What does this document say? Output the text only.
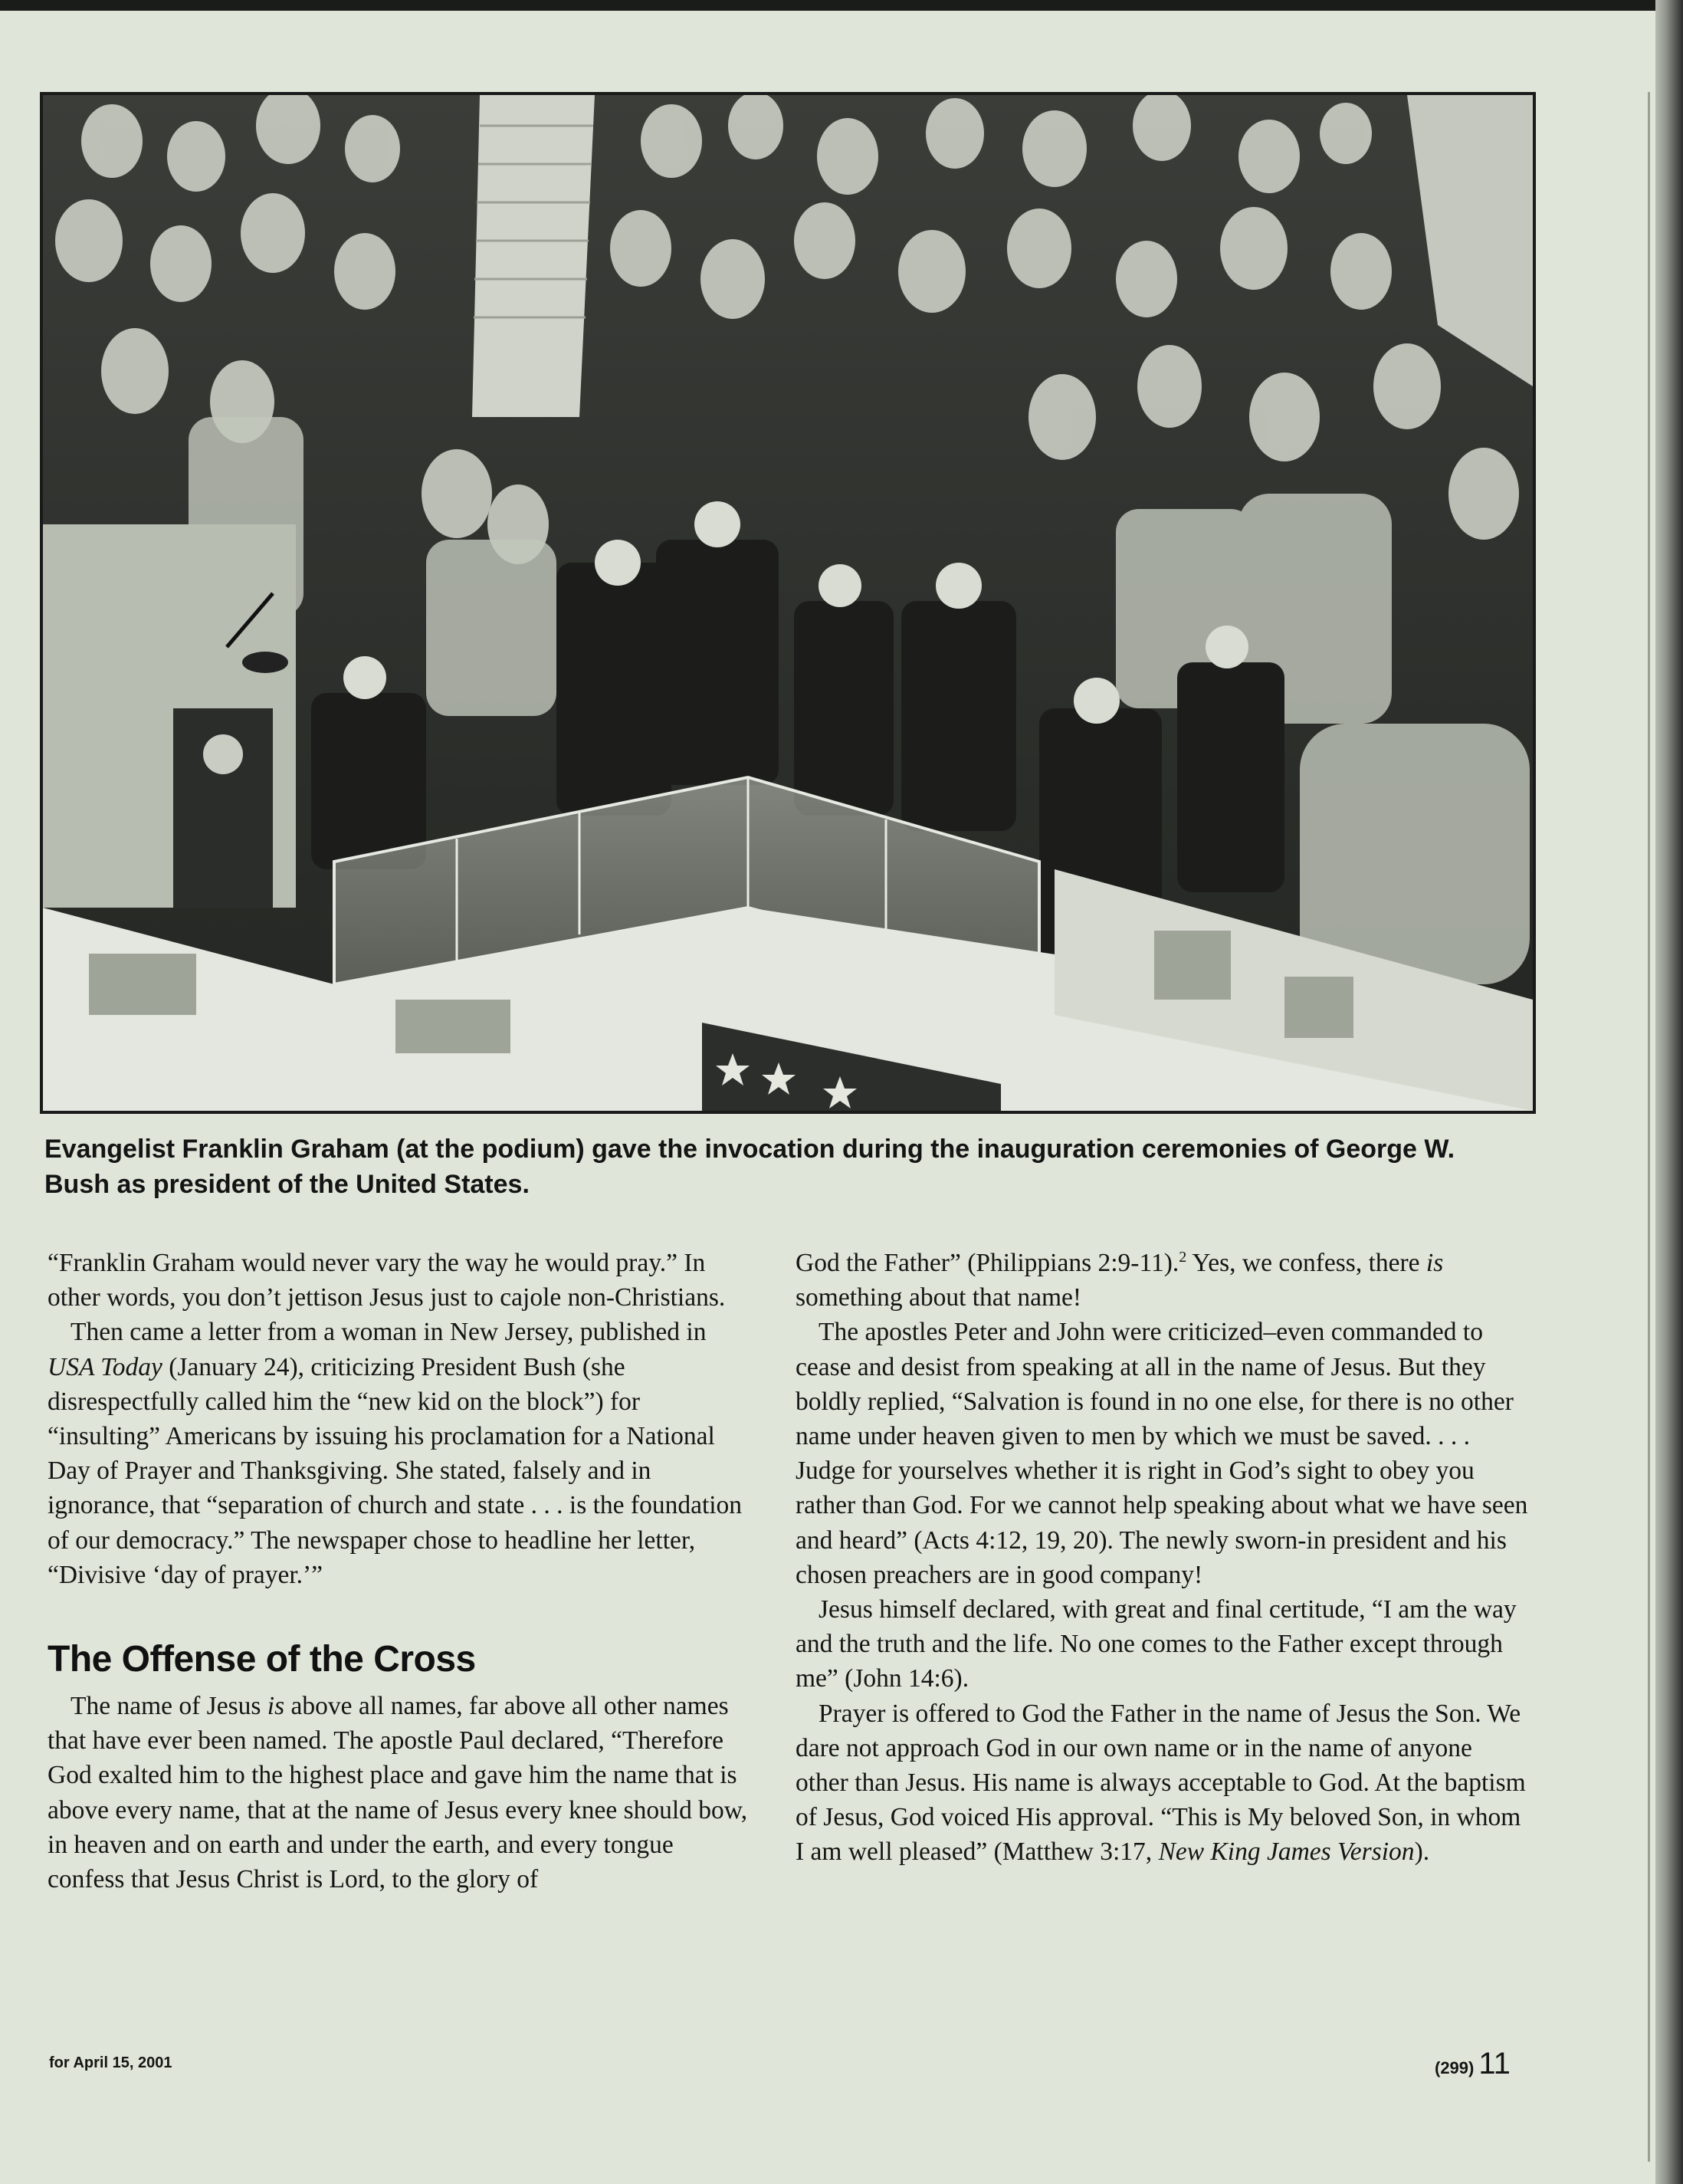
Evangelist Franklin Graham (at the podium) gave the invocation during the inauguration ceremonies of George W. Bush as president of the United States.

“Franklin Graham would never vary the way he would pray.” In other words, you don’t jettison Jesus just to cajole non-Christians.

Then came a letter from a woman in New Jersey, published in USA Today (January 24), criticizing President Bush (she disrespectfully called him the “new kid on the block”) for “insulting” Americans by issuing his proclamation for a National Day of Prayer and Thanksgiving. She stated, falsely and in ignorance, that “separation of church and state . . . is the foundation of our democracy.” The newspaper chose to headline her letter, “Divisive ‘day of prayer.’”

The Offense of the Cross

The name of Jesus is above all names, far above all other names that have ever been named. The apostle Paul declared, “Therefore God exalted him to the highest place and gave him the name that is above every name, that at the name of Jesus every knee should bow, in heaven and on earth and under the earth, and every tongue confess that Jesus Christ is Lord, to the glory of

God the Father” (Philippians 2:9-11).$^2$ Yes, we confess, there is something about that name!

The apostles Peter and John were criticized–even commanded to cease and desist from speaking at all in the name of Jesus. But they boldly replied, “Salvation is found in no one else, for there is no other name under heaven given to men by which we must be saved. . . . Judge for yourselves whether it is right in God’s sight to obey you rather than God. For we cannot help speaking about what we have seen and heard” (Acts 4:12, 19, 20). The newly sworn-in president and his chosen preachers are in good company!

Jesus himself declared, with great and final certitude, “I am the way and the truth and the life. No one comes to the Father except through me” (John 14:6).

Prayer is offered to God the Father in the name of Jesus the Son. We dare not approach God in our own name or in the name of anyone other than Jesus. His name is always acceptable to God. At the baptism of Jesus, God voiced His approval. “This is My beloved Son, in whom I am well pleased” (Matthew 3:17, New King James Version).

for April 15, 2001	(299) 11
